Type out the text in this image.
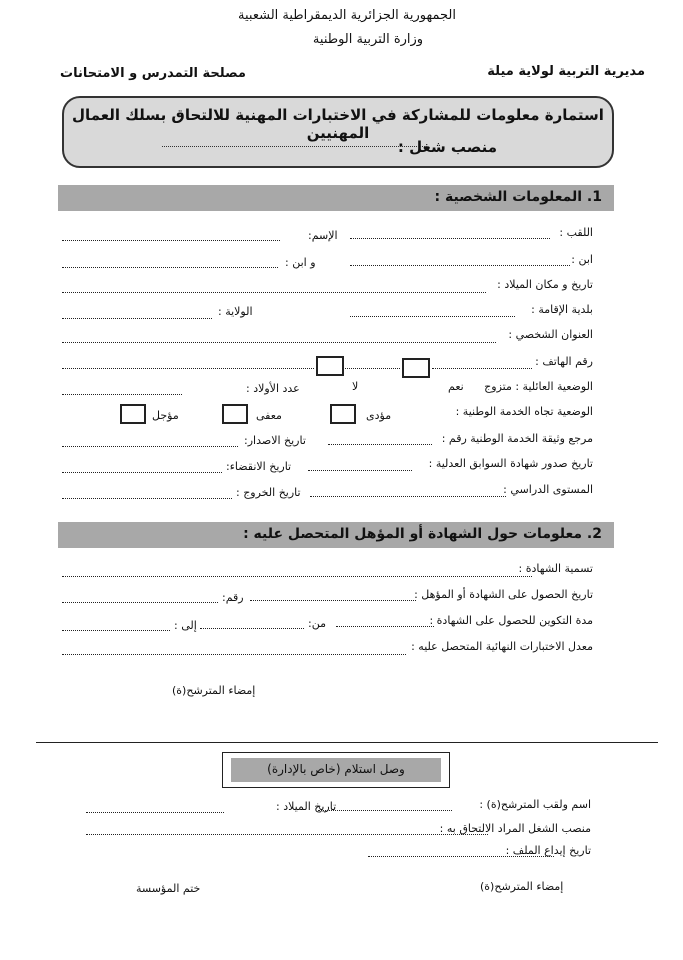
الجمهورية الجزائرية الديمقراطية الشعبية
وزارة التربية الوطنية
مديرية التربية لولاية ميلة
مصلحة التمدرس و الامتحانات
استمارة معلومات للمشاركة في الاختبارات المهنية للالتحاق بسلك العمال المهنيين
منصب شغل :
1. المعلومات الشخصية :
اللقب :
الإسم:
ابن :
و ابن :
تاريخ و مكان الميلاد :
بلدية الإقامة :
الولاية :
العنوان الشخصي :
رقم الهاتف :
الوضعية العائلية : متزوج
نعم
لا
عدد الأولاد :
الوضعية تجاه الخدمة الوطنية :
مؤدى
معفى
مؤجل
مرجع وثيقة الخدمة الوطنية رقم :
تاريخ الاصدار:
تاريخ صدور شهادة السوابق العدلية :
تاريخ الانقضاء:
المستوى الدراسي :
تاريخ الخروج :
2. معلومات حول الشهادة أو المؤهل المتحصل عليه :
تسمية الشهادة :
تاريخ الحصول على الشهادة أو المؤهل :
رقم:
مدة التكوين للحصول على الشهادة :
من:
إلى :
معدل الاختبارات النهائية المتحصل عليه :
إمضاء المترشح(ة)
وصل استلام (خاص بالإدارة)
اسم ولقب المترشح(ة) :
تاريخ الميلاد :
منصب الشغل المراد الالتحاق به :
تاريخ إيداع الملف :
إمضاء المترشح(ة)
ختم المؤسسة
